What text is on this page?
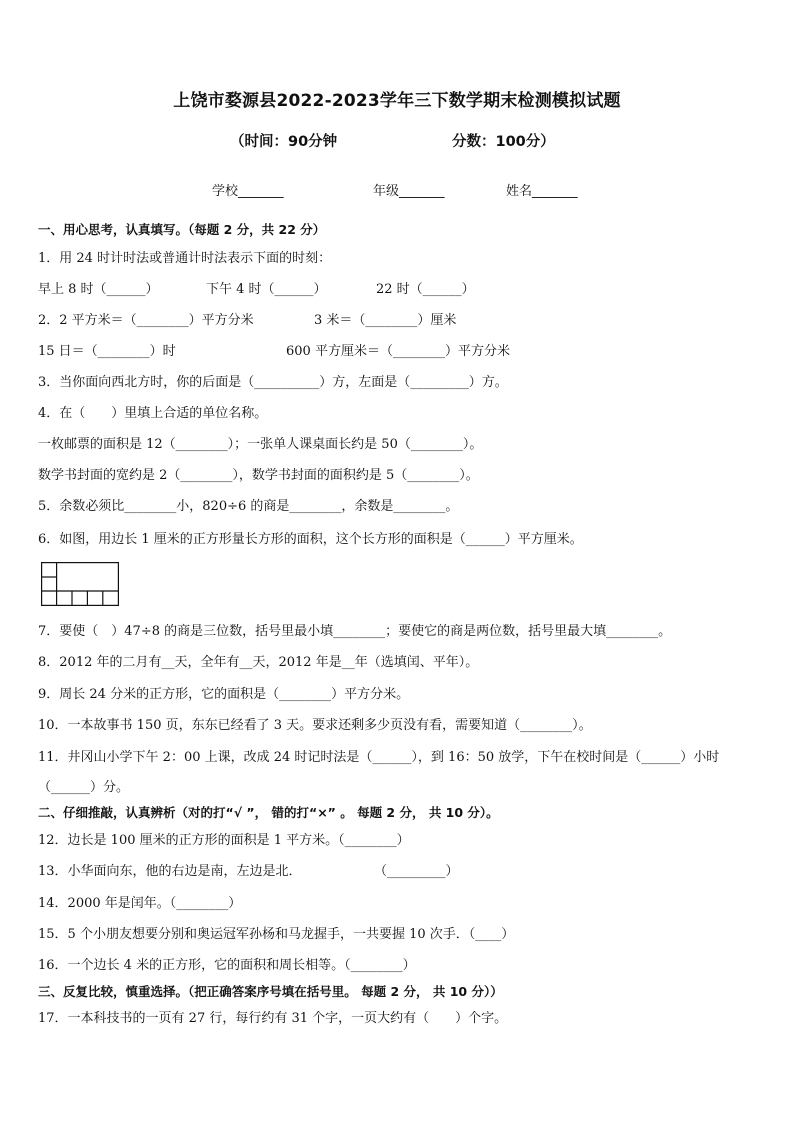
上饶市婺源县2022-2023学年三下数学期末检测模拟试题
（时间：90分钟	分数：100分）
学校_______	年级_______	姓名_______
一、用心思考，认真填写。（每题 2 分，共 22 分）
1．用 24 时计时法或普通计时法表示下面的时刻：
早上 8 时（______）	下午 4 时（______）	22 时（______）
2．2 平方米＝（________）平方分米	3 米＝（________）厘米
15 日＝（________）时	600 平方厘米＝（________）平方分米
3．当你面向西北方时，你的后面是（__________）方，左面是（_________）方。
4．在（　　）里填上合适的单位名称。
一枚邮票的面积是 12（________）；一张单人课桌面长约是 50（________）。
数学书封面的宽约是 2（________），数学书封面的面积约是 5（________）。
5．余数必须比________小，820÷6 的商是________，余数是________。
6．如图，用边长 1 厘米的正方形量长方形的面积，这个长方形的面积是（______）平方厘米。
7．要使（　）47÷8 的商是三位数，括号里最小填________；要使它的商是两位数，括号里最大填________。
8．2012 年的二月有__天，全年有__天，2012 年是__年（选填闰、平年）。
9．周长 24 分米的正方形，它的面积是（________）平方分米。
10．一本故事书 150 页，东东已经看了 3 天。要求还剩多少页没有看，需要知道（________）。
11．井冈山小学下午 2：00 上课，改成 24 时记时法是（______），到 16：50 放学，下午在校时间是（______）小时
（______）分。
二、仔细推敲，认真辨析（对的打“√ ”， 错的打“×” 。 每题 2 分， 共 10 分）。
12．边长是 100 厘米的正方形的面积是 1 平方米。（________）
13．小华面向东，他的右边是南，左边是北．	（_________）
14．2000 年是闰年。（________）
15．5 个小朋友想要分别和奥运冠军孙杨和马龙握手，一共要握 10 次手．（____）
16．一个边长 4 米的正方形，它的面积和周长相等。（________）
三、反复比较，慎重选择。（把正确答案序号填在括号里。 每题 2 分， 共 10 分））
17．一本科技书的一页有 27 行，每行约有 31 个字，一页大约有（　　）个字。
